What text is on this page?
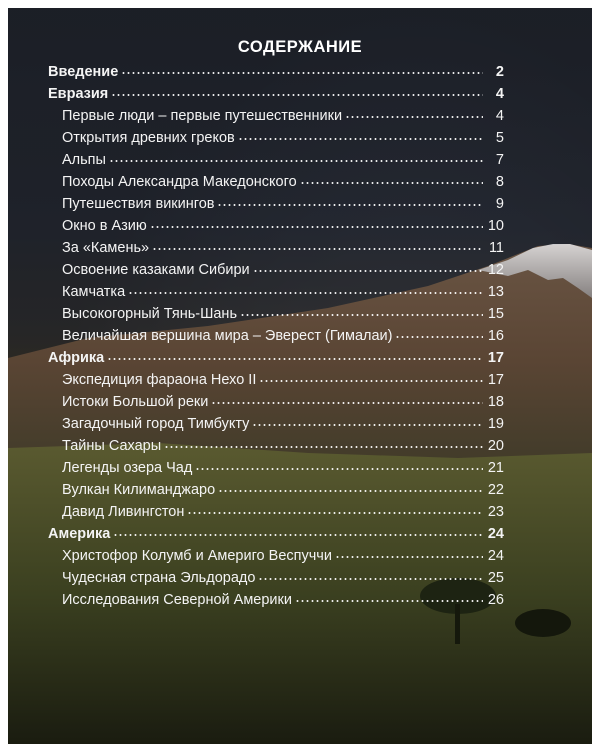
СОДЕРЖАНИЕ
Введение	2
Евразия	4
Первые люди – первые путешественники	4
Открытия древних греков	5
Альпы	7
Походы Александра Македонского	8
Путешествия викингов	9
Окно в Азию	10
За «Камень»	11
Освоение казаками Сибири	12
Камчатка	13
Высокогорный Тянь-Шань	15
Величайшая вершина мира – Эверест (Гималаи)	16
Африка	17
Экспедиция фараона Нехо II	17
Истоки Большой реки	18
Загадочный город Тимбукту	19
Тайны Сахары	20
Легенды озера Чад	21
Вулкан Килиманджаро	22
Давид Ливингстон	23
Америка	24
Христофор Колумб и Америго Веспуччи	24
Чудесная страна Эльдорадо	25
Исследования Северной Америки	26
